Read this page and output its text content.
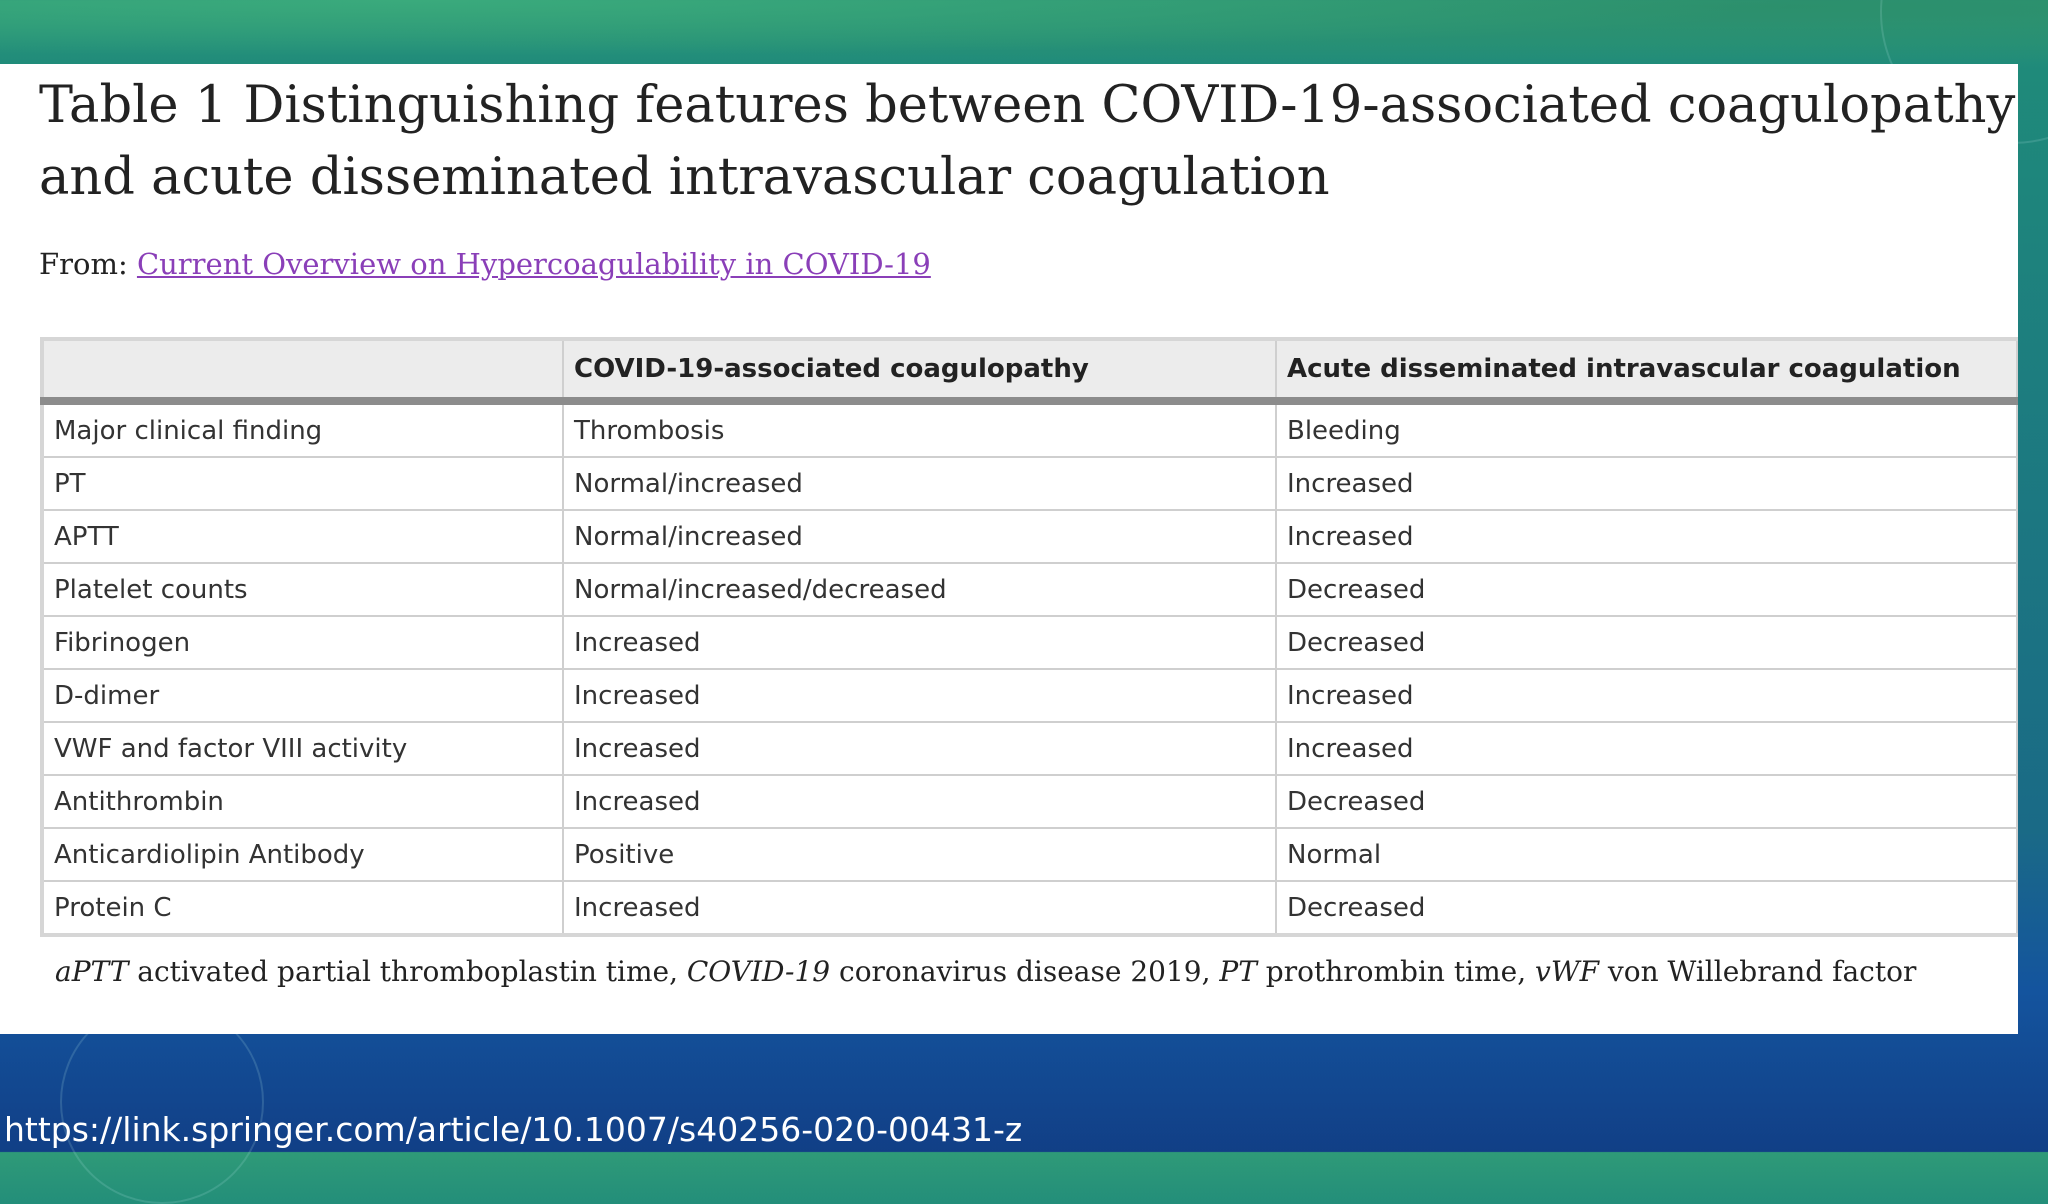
Table 1 Distinguishing features between COVID-19-associated coagulopathy and acute disseminated intravascular coagulation
From: Current Overview on Hypercoagulability in COVID-19
	COVID-19-associated coagulopathy	Acute disseminated intravascular coagulation
Major clinical finding	Thrombosis	Bleeding
PT	Normal/increased	Increased
APTT	Normal/increased	Increased
Platelet counts	Normal/increased/decreased	Decreased
Fibrinogen	Increased	Decreased
D-dimer	Increased	Increased
VWF and factor VIII activity	Increased	Increased
Antithrombin	Increased	Decreased
Anticardiolipin Antibody	Positive	Normal
Protein C	Increased	Decreased
aPTT activated partial thromboplastin time, COVID-19 coronavirus disease 2019, PT prothrombin time, vWF von Willebrand factor
https://link.springer.com/article/10.1007/s40256-020-00431-z
